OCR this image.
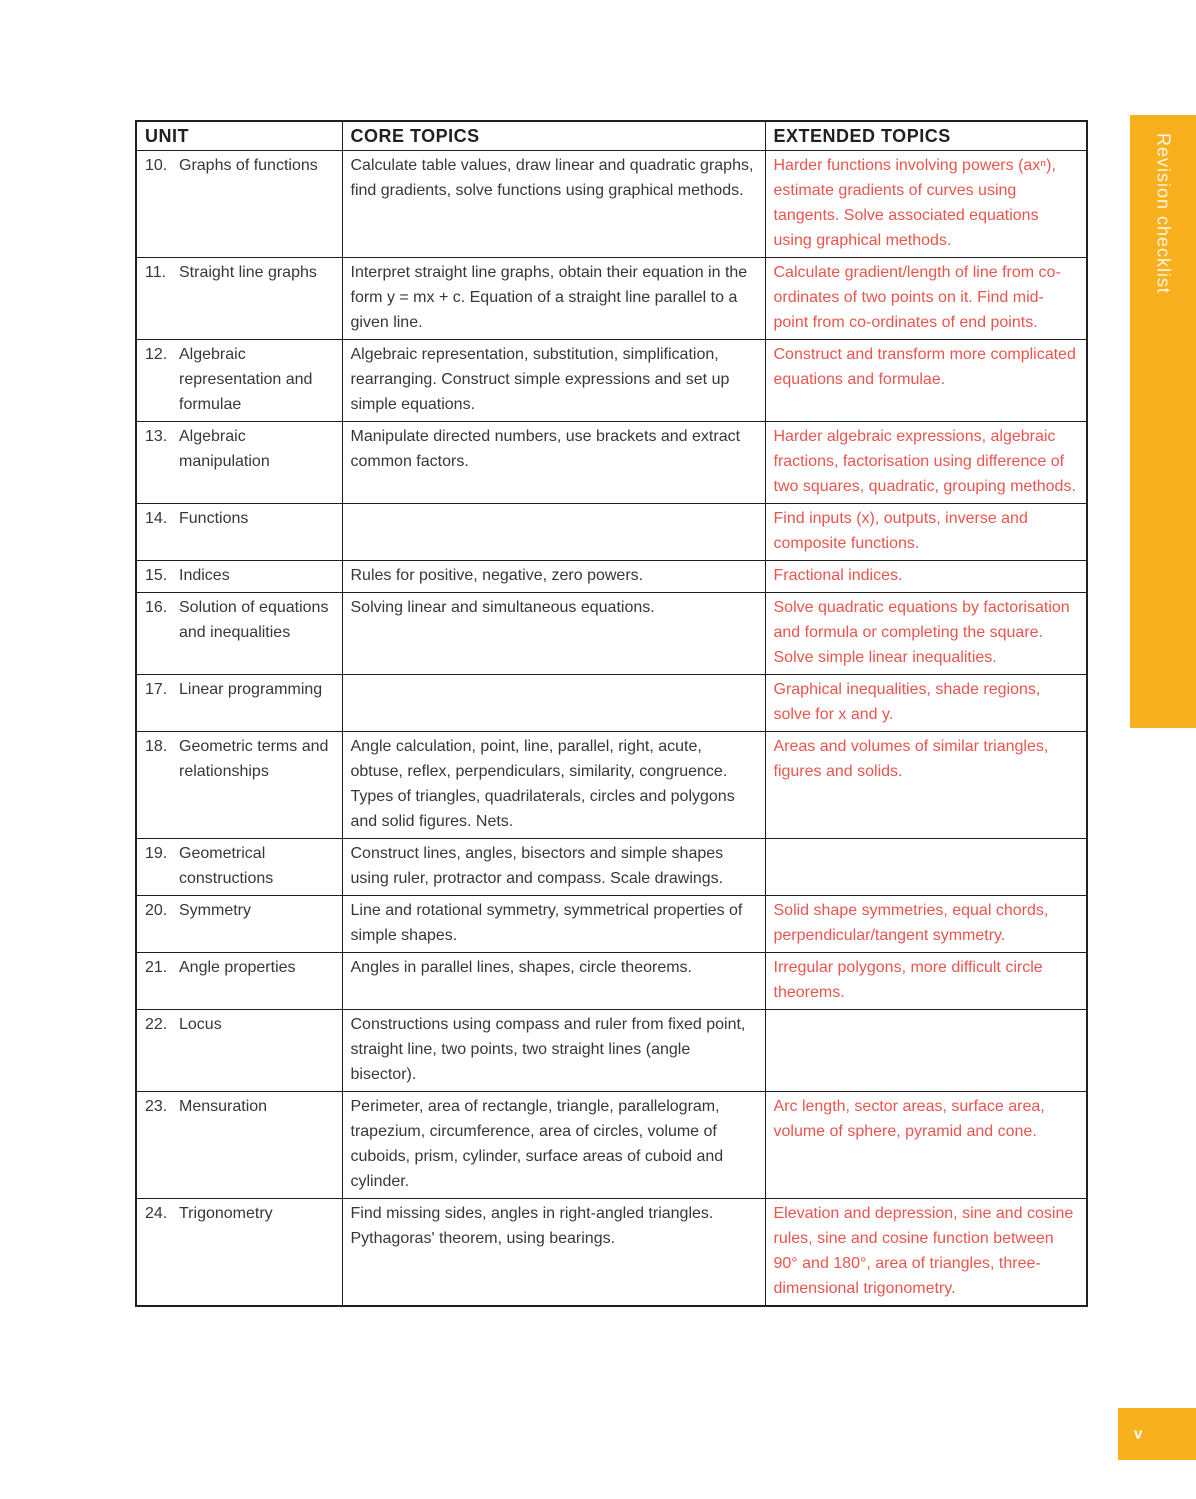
UNIT	CORE TOPICS	EXTENDED TOPICS

10. Graphs of functions	Calculate table values, draw linear and quadratic graphs, find gradients, solve functions using graphical methods.	Harder functions involving powers (axⁿ), estimate gradients of curves using tangents. Solve associated equations using graphical methods.

11. Straight line graphs	Interpret straight line graphs, obtain their equation in the form y = mx + c. Equation of a straight line parallel to a given line.	Calculate gradient/length of line from co-ordinates of two points on it. Find mid-point from co-ordinates of end points.

12. Algebraic representation and formulae	Algebraic representation, substitution, simplification, rearranging. Construct simple expressions and set up simple equations.	Construct and transform more complicated equations and formulae.

13. Algebraic manipulation	Manipulate directed numbers, use brackets and extract common factors.	Harder algebraic expressions, algebraic fractions, factorisation using difference of two squares, quadratic, grouping methods.

14. Functions		Find inputs (x), outputs, inverse and composite functions.

15. Indices	Rules for positive, negative, zero powers.	Fractional indices.

16. Solution of equations and inequalities	Solving linear and simultaneous equations.	Solve quadratic equations by factorisation and formula or completing the square. Solve simple linear inequalities.

17. Linear programming		Graphical inequalities, shade regions, solve for x and y.

18. Geometric terms and relationships	Angle calculation, point, line, parallel, right, acute, obtuse, reflex, perpendiculars, similarity, congruence. Types of triangles, quadrilaterals, circles and polygons and solid figures. Nets.	Areas and volumes of similar triangles, figures and solids.

19. Geometrical constructions	Construct lines, angles, bisectors and simple shapes using ruler, protractor and compass. Scale drawings.	

20. Symmetry	Line and rotational symmetry, symmetrical properties of simple shapes.	Solid shape symmetries, equal chords, perpendicular/tangent symmetry.

21. Angle properties	Angles in parallel lines, shapes, circle theorems.	Irregular polygons, more difficult circle theorems.

22. Locus	Constructions using compass and ruler from fixed point, straight line, two points, two straight lines (angle bisector).	

23. Mensuration	Perimeter, area of rectangle, triangle, parallelogram, trapezium, circumference, area of circles, volume of cuboids, prism, cylinder, surface areas of cuboid and cylinder.	Arc length, sector areas, surface area, volume of sphere, pyramid and cone.

24. Trigonometry	Find missing sides, angles in right-angled triangles. Pythagoras' theorem, using bearings.	Elevation and depression, sine and cosine rules, sine and cosine function between 90° and 180°, area of triangles, three-dimensional trigonometry.
Revision checklist
v
